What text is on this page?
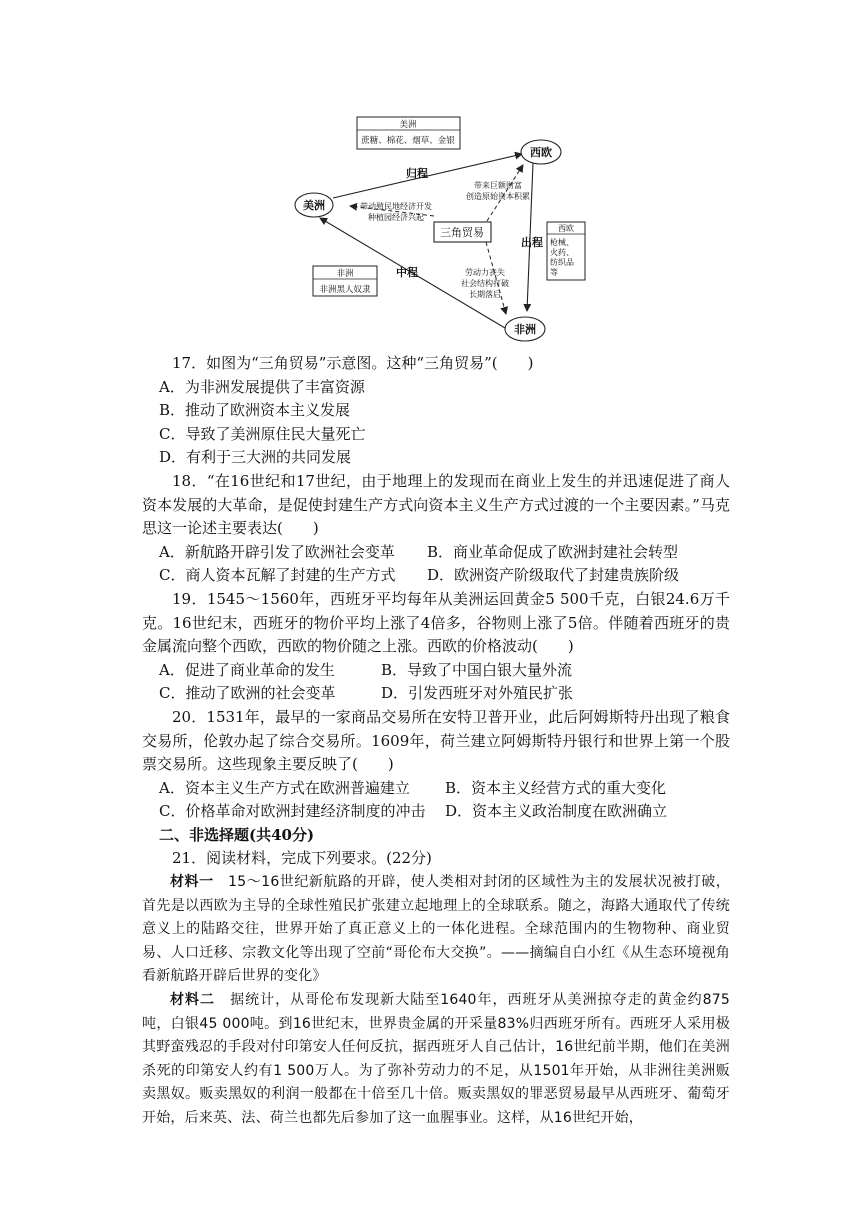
美洲
蔗糖、棉花、烟草、金银
非洲
非洲黑人奴隶
西欧
枪械、
火药、
纺织品
等
美洲
西欧
非洲
三角贸易
归程
中程
出程
带来巨额财富
创造原始资本积累
带动殖民地经济开发
种植园经济兴起
劳动力丧失
社会结构打破
长期落后

17．如图为“三角贸易”示意图。这种“三角贸易”(　　)

A．为非洲发展提供了丰富资源

B．推动了欧洲资本主义发展

C．导致了美洲原住民大量死亡

D．有利于三大洲的共同发展

18．“在16世纪和17世纪，由于地理上的发现而在商业上发生的并迅速促进了商人资本发展的大革命，是促使封建生产方式向资本主义生产方式过渡的一个主要因素。”马克思这一论述主要表达(　　)

A．新航路开辟引发了欧洲社会变革	B．商业革命促成了欧洲封建社会转型
C．商人资本瓦解了封建的生产方式	D．欧洲资产阶级取代了封建贵族阶级

19．1545～1560年，西班牙平均每年从美洲运回黄金5 500千克，白银24.6万千克。16世纪末，西班牙的物价平均上涨了4倍多，谷物则上涨了5倍。伴随着西班牙的贵金属流向整个西欧，西欧的物价随之上涨。西欧的价格波动(　　)

A．促进了商业革命的发生	B．导致了中国白银大量外流
C．推动了欧洲的社会变革	D．引发西班牙对外殖民扩张

20．1531年，最早的一家商品交易所在安特卫普开业，此后阿姆斯特丹出现了粮食交易所，伦敦办起了综合交易所。1609年，荷兰建立阿姆斯特丹银行和世界上第一个股票交易所。这些现象主要反映了(　　)

A．资本主义生产方式在欧洲普遍建立	B．资本主义经营方式的重大变化
C．价格革命对欧洲封建经济制度的冲击	D．资本主义政治制度在欧洲确立

二、非选择题(共40分)

21．阅读材料，完成下列要求。(22分)

材料一　 15～16世纪新航路的开辟，使人类相对封闭的区域性为主的发展状况被打破，首先是以西欧为主导的全球性殖民扩张建立起地理上的全球联系。随之，海路大通取代了传统意义上的陆路交往，世界开始了真正意义上的一体化进程。全球范围内的生物物种、商业贸易、人口迁移、宗教文化等出现了空前“哥伦布大交换”。——摘编自白小红《从生态环境视角看新航路开辟后世界的变化》

材料二　 据统计，从哥伦布发现新大陆至1640年，西班牙从美洲掠夺走的黄金约875吨，白银45 000吨。到16世纪末，世界贵金属的开采量83%归西班牙所有。西班牙人采用极其野蛮残忍的手段对付印第安人任何反抗，据西班牙人自己估计，16世纪前半期，他们在美洲杀死的印第安人约有1 500万人。为了弥补劳动力的不足，从1501年开始，从非洲往美洲贩卖黑奴。贩卖黑奴的利润一般都在十倍至几十倍。贩卖黑奴的罪恶贸易最早从西班牙、葡萄牙开始，后来英、法、荷兰也都先后参加了这一血腥事业。这样，从16世纪开始，
